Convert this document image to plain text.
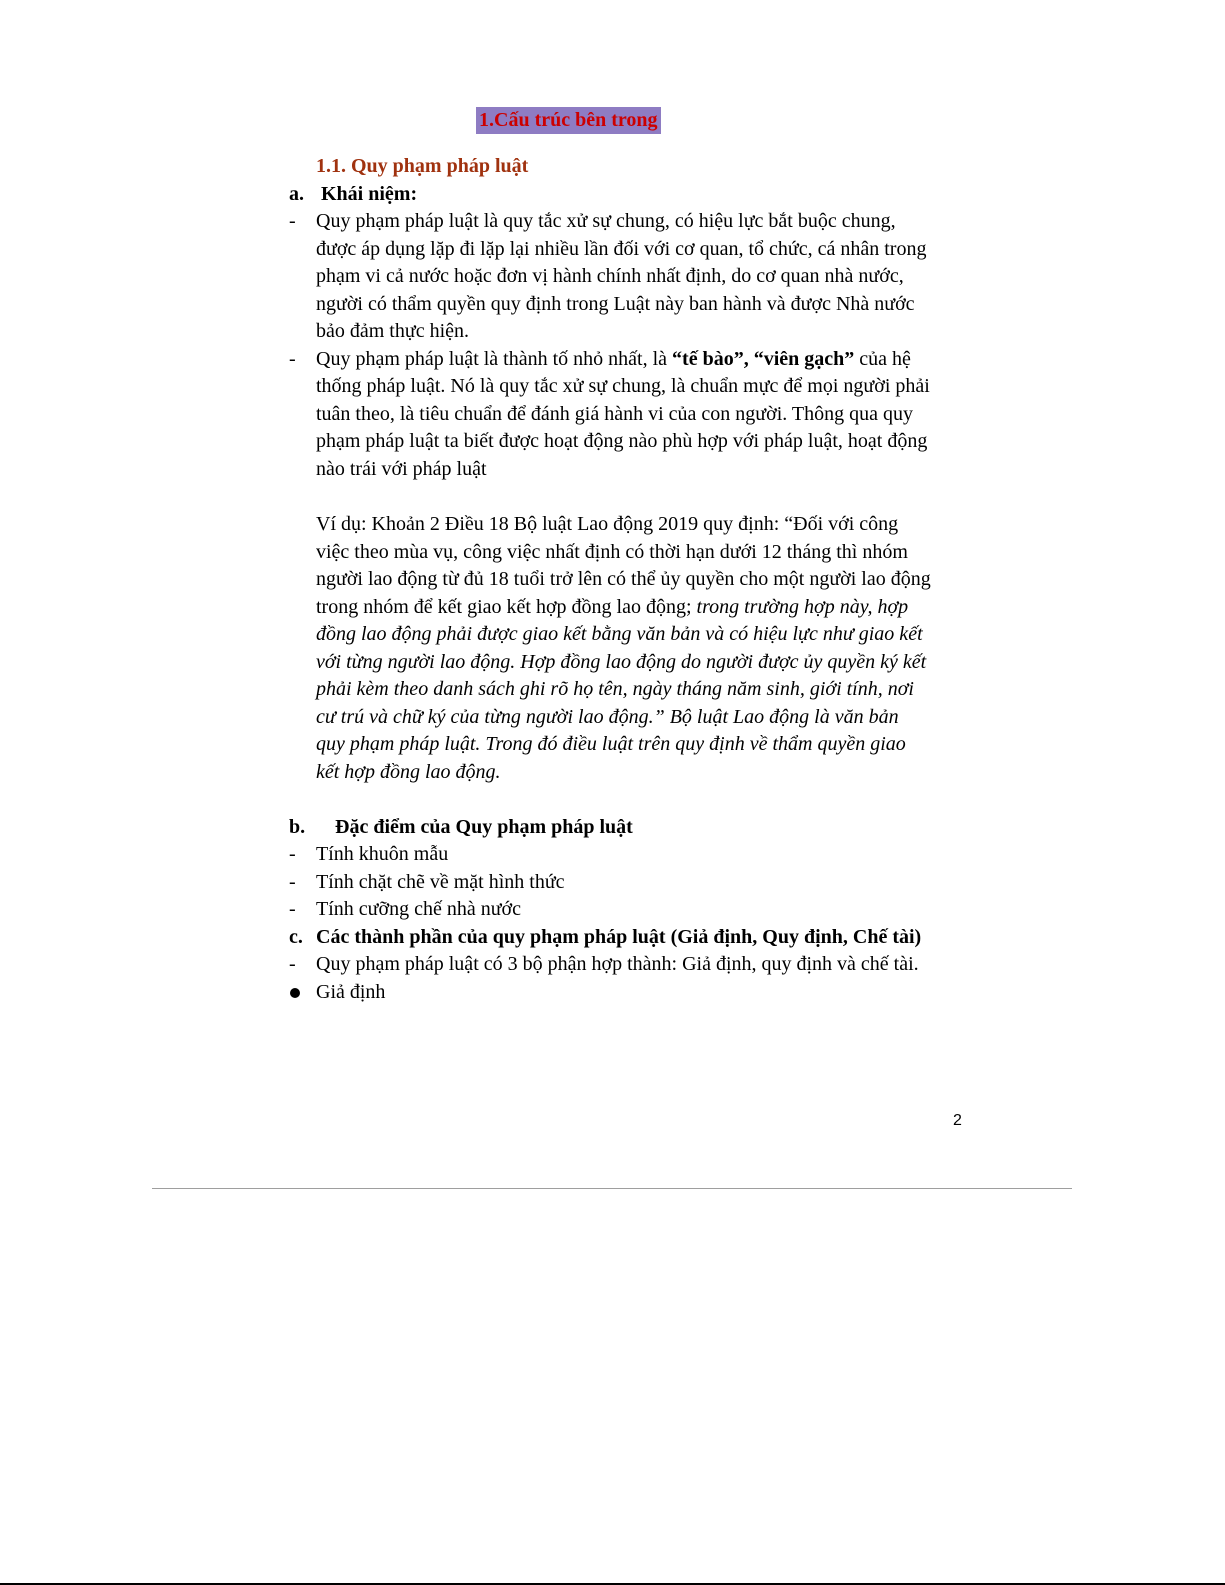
1.Cấu trúc bên trong
1.1. Quy phạm pháp luật
a. Khái niệm:
- Quy phạm pháp luật là quy tắc xử sự chung, có hiệu lực bắt buộc chung,
được áp dụng lặp đi lặp lại nhiều lần đối với cơ quan, tổ chức, cá nhân trong
phạm vi cả nước hoặc đơn vị hành chính nhất định, do cơ quan nhà nước,
người có thẩm quyền quy định trong Luật này ban hành và được Nhà nước
bảo đảm thực hiện.
- Quy phạm pháp luật là thành tố nhỏ nhất, là “tế bào”, “viên gạch” của hệ
thống pháp luật. Nó là quy tắc xử sự chung, là chuẩn mực để mọi người phải
tuân theo, là tiêu chuẩn để đánh giá hành vi của con người. Thông qua quy
phạm pháp luật ta biết được hoạt động nào phù hợp với pháp luật, hoạt động
nào trái với pháp luật
Ví dụ: Khoản 2 Điều 18 Bộ luật Lao động 2019 quy định: “Đối với công
việc theo mùa vụ, công việc nhất định có thời hạn dưới 12 tháng thì nhóm
người lao động từ đủ 18 tuổi trở lên có thể ủy quyền cho một người lao động
trong nhóm để kết giao kết hợp đồng lao động; trong trường hợp này, hợp
đồng lao động phải được giao kết bằng văn bản và có hiệu lực như giao kết
với từng người lao động. Hợp đồng lao động do người được ủy quyền ký kết
phải kèm theo danh sách ghi rõ họ tên, ngày tháng năm sinh, giới tính, nơi
cư trú và chữ ký của từng người lao động.” Bộ luật Lao động là văn bản
quy phạm pháp luật. Trong đó điều luật trên quy định về thẩm quyền giao
kết hợp đồng lao động.
b. Đặc điểm của Quy phạm pháp luật
- Tính khuôn mẫu
- Tính chặt chẽ về mặt hình thức
- Tính cưỡng chế nhà nước
c. Các thành phần của quy phạm pháp luật (Giả định, Quy định, Chế tài)
- Quy phạm pháp luật có 3 bộ phận hợp thành: Giả định, quy định và chế tài.
Giả định
2
